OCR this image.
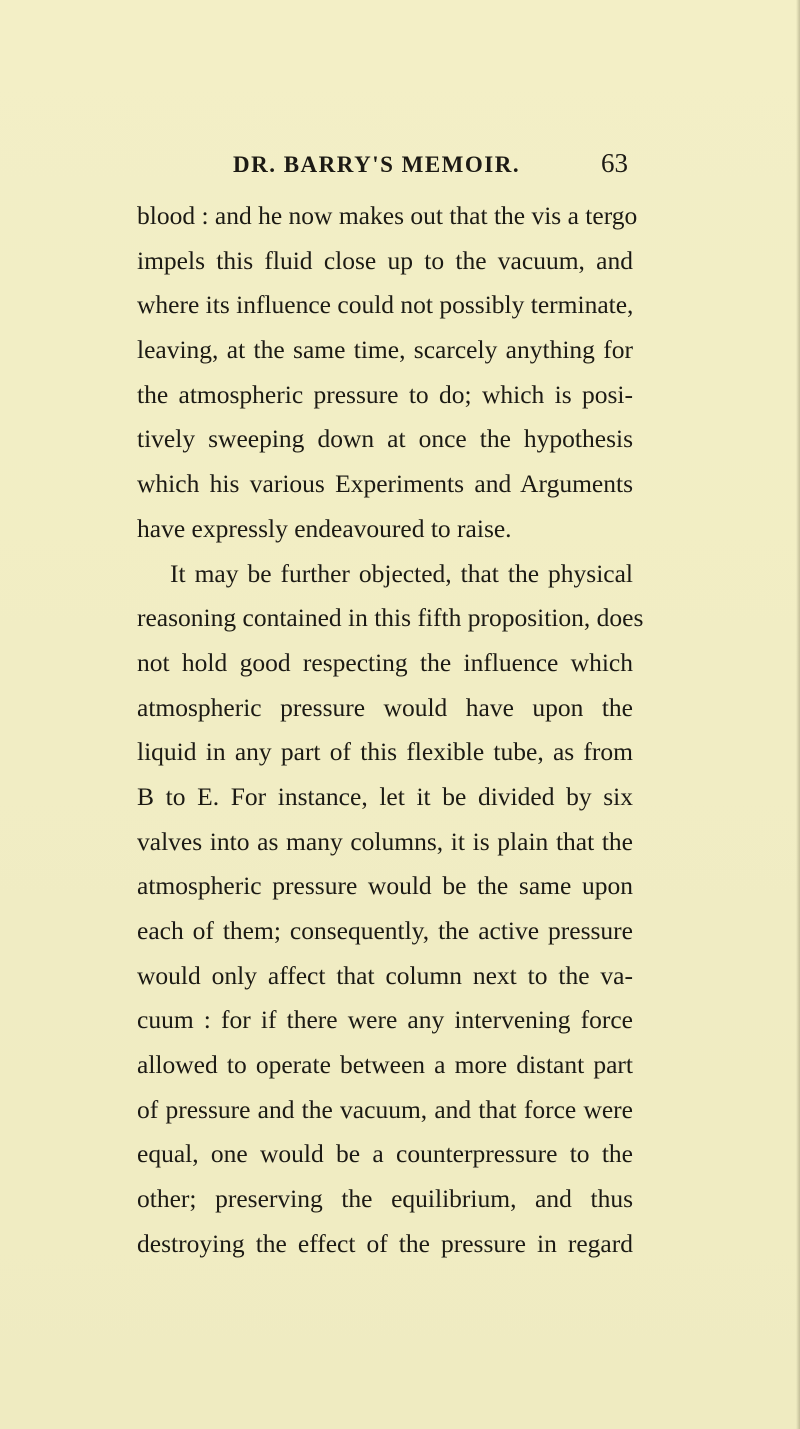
DR. BARRY'S MEMOIR.	63
blood : and he now makes out that the vis a tergo
impels this fluid close up to the vacuum, and
where its influence could not possibly terminate,
leaving, at the same time, scarcely anything for
the atmospheric pressure to do; which is posi-
tively sweeping down at once the hypothesis
which his various Experiments and Arguments
have expressly endeavoured to raise.
It may be further objected, that the physical
reasoning contained in this fifth proposition, does
not hold good respecting the influence which
atmospheric pressure would have upon the
liquid in any part of this flexible tube, as from
B to E. For instance, let it be divided by six
valves into as many columns, it is plain that the
atmospheric pressure would be the same upon
each of them; consequently, the active pressure
would only affect that column next to the va-
cuum : for if there were any intervening force
allowed to operate between a more distant part
of pressure and the vacuum, and that force were
equal, one would be a counterpressure to the
other; preserving the equilibrium, and thus
destroying the effect of the pressure in regard
